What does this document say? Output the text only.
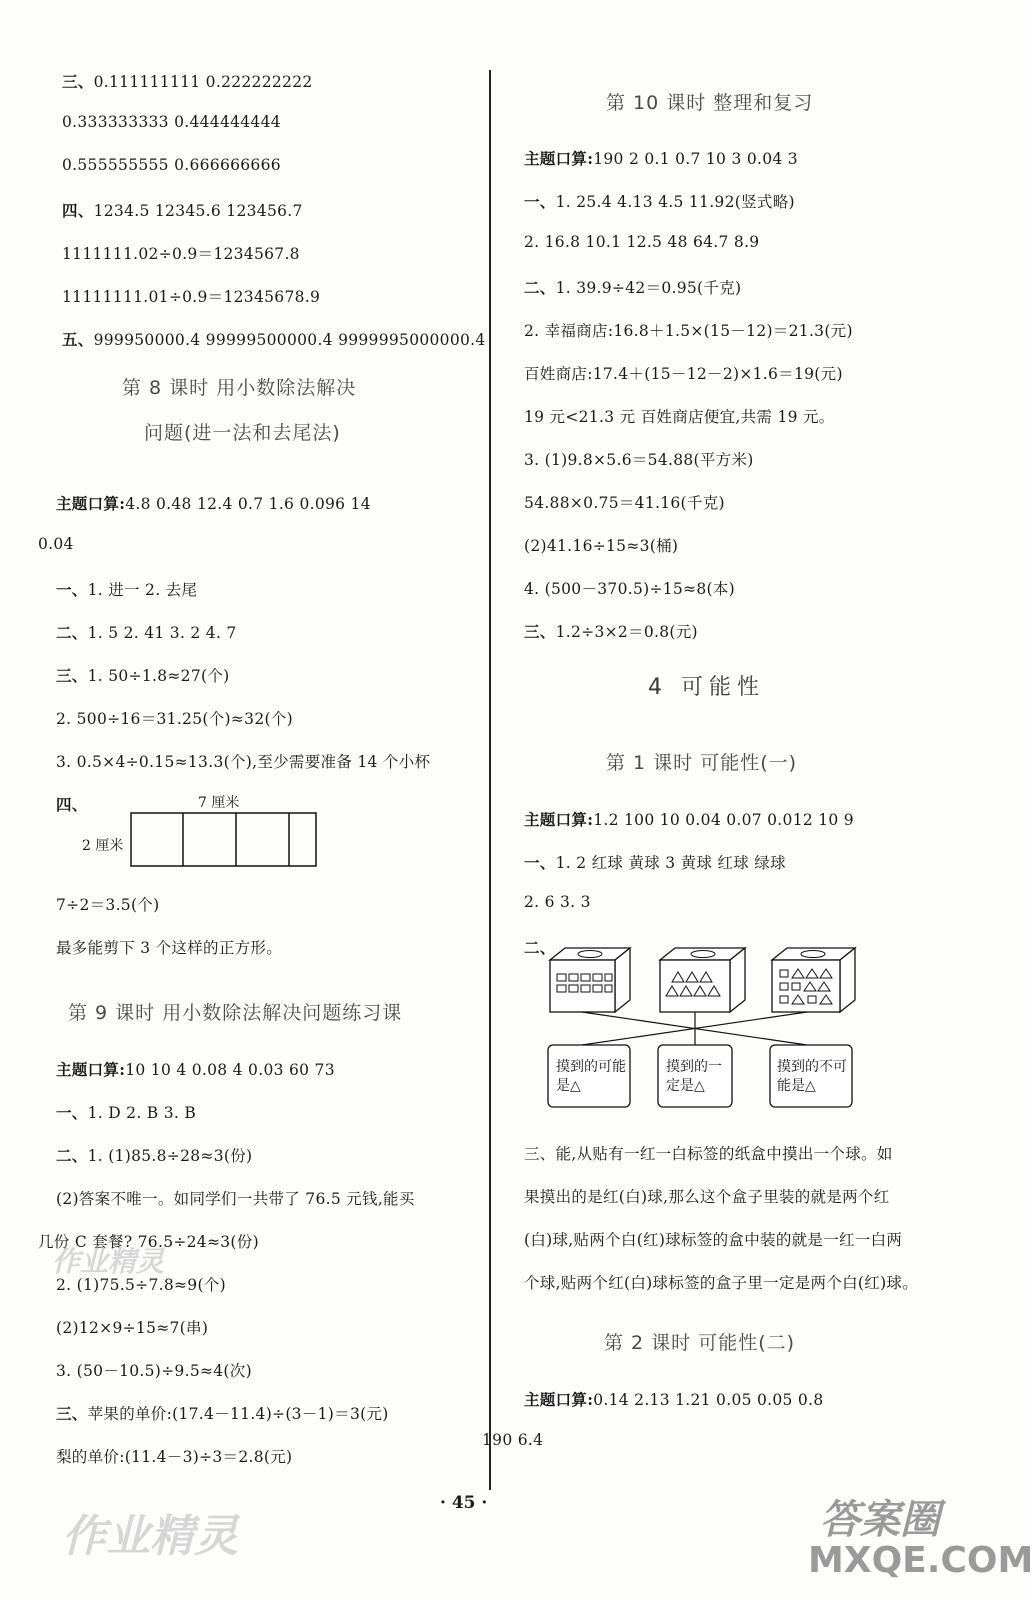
三、0.111111111 0.222222222
0.333333333 0.444444444
0.555555555 0.666666666
四、1234.5 12345.6 123456.7
1111111.02÷0.9＝1234567.8
11111111.01÷0.9＝12345678.9
五、999950000.4 99999500000.4 9999995000000.4
第 8 课时 用小数除法解决
问题(进一法和去尾法)
主题口算:4.8 0.48 12.4 0.7 1.6 0.096 14
0.04
一、1. 进一 2. 去尾
二、1. 5 2. 41 3. 2 4. 7
三、1. 50÷1.8≈27(个)
2. 500÷16＝31.25(个)≈32(个)
3. 0.5×4÷0.15≈13.3(个),至少需要准备 14 个小杯
四、	7 厘米
2 厘米
7÷2＝3.5(个)
最多能剪下 3 个这样的正方形。
第 9 课时 用小数除法解决问题练习课
主题口算:10 10 4 0.08 4 0.03 60 73
一、1. D 2. B 3. B
二、1. (1)85.8÷28≈3(份)
(2)答案不唯一。如同学们一共带了 76.5 元钱,能买
几份 C 套餐? 76.5÷24≈3(份)
2. (1)75.5÷7.8≈9(个)
(2)12×9÷15≈7(串)
3. (50－10.5)÷9.5≈4(次)
三、苹果的单价:(17.4－11.4)÷(3－1)＝3(元)
梨的单价:(11.4－3)÷3＝2.8(元)
第 10 课时 整理和复习
主题口算:190 2 0.1 0.7 10 3 0.04 3
一、1. 25.4 4.13 4.5 11.92(竖式略)
2. 16.8 10.1 12.5 48 64.7 8.9
二、1. 39.9÷42＝0.95(千克)
2. 幸福商店:16.8＋1.5×(15－12)＝21.3(元)
百姓商店:17.4＋(15－12－2)×1.6＝19(元)
19 元<21.3 元 百姓商店便宜,共需 19 元。
3. (1)9.8×5.6＝54.88(平方米)
54.88×0.75＝41.16(千克)
(2)41.16÷15≈3(桶)
4. (500－370.5)÷15≈8(本)
三、1.2÷3×2＝0.8(元)
4 可能性
第 1 课时 可能性(一)
主题口算:1.2 100 10 0.04 0.07 0.012 10 9
一、1. 2 红球 黄球 3 黄球 红球 绿球
2. 6 3. 3
二、
摸到的可能是△
摸到的一定是△
摸到的不可能是△
三、能,从贴有一红一白标签的纸盒中摸出一个球。如
果摸出的是红(白)球,那么这个盒子里装的就是两个红
(白)球,贴两个白(红)球标签的盒中装的就是一红一白两
个球,贴两个红(白)球标签的盒子里一定是两个白(红)球。
第 2 课时 可能性(二)
主题口算:0.14 2.13 1.21 0.05 0.05 0.8
190 6.4
· 45 ·
作业精灵
作业精灵	答案圈
MXQE.COM
